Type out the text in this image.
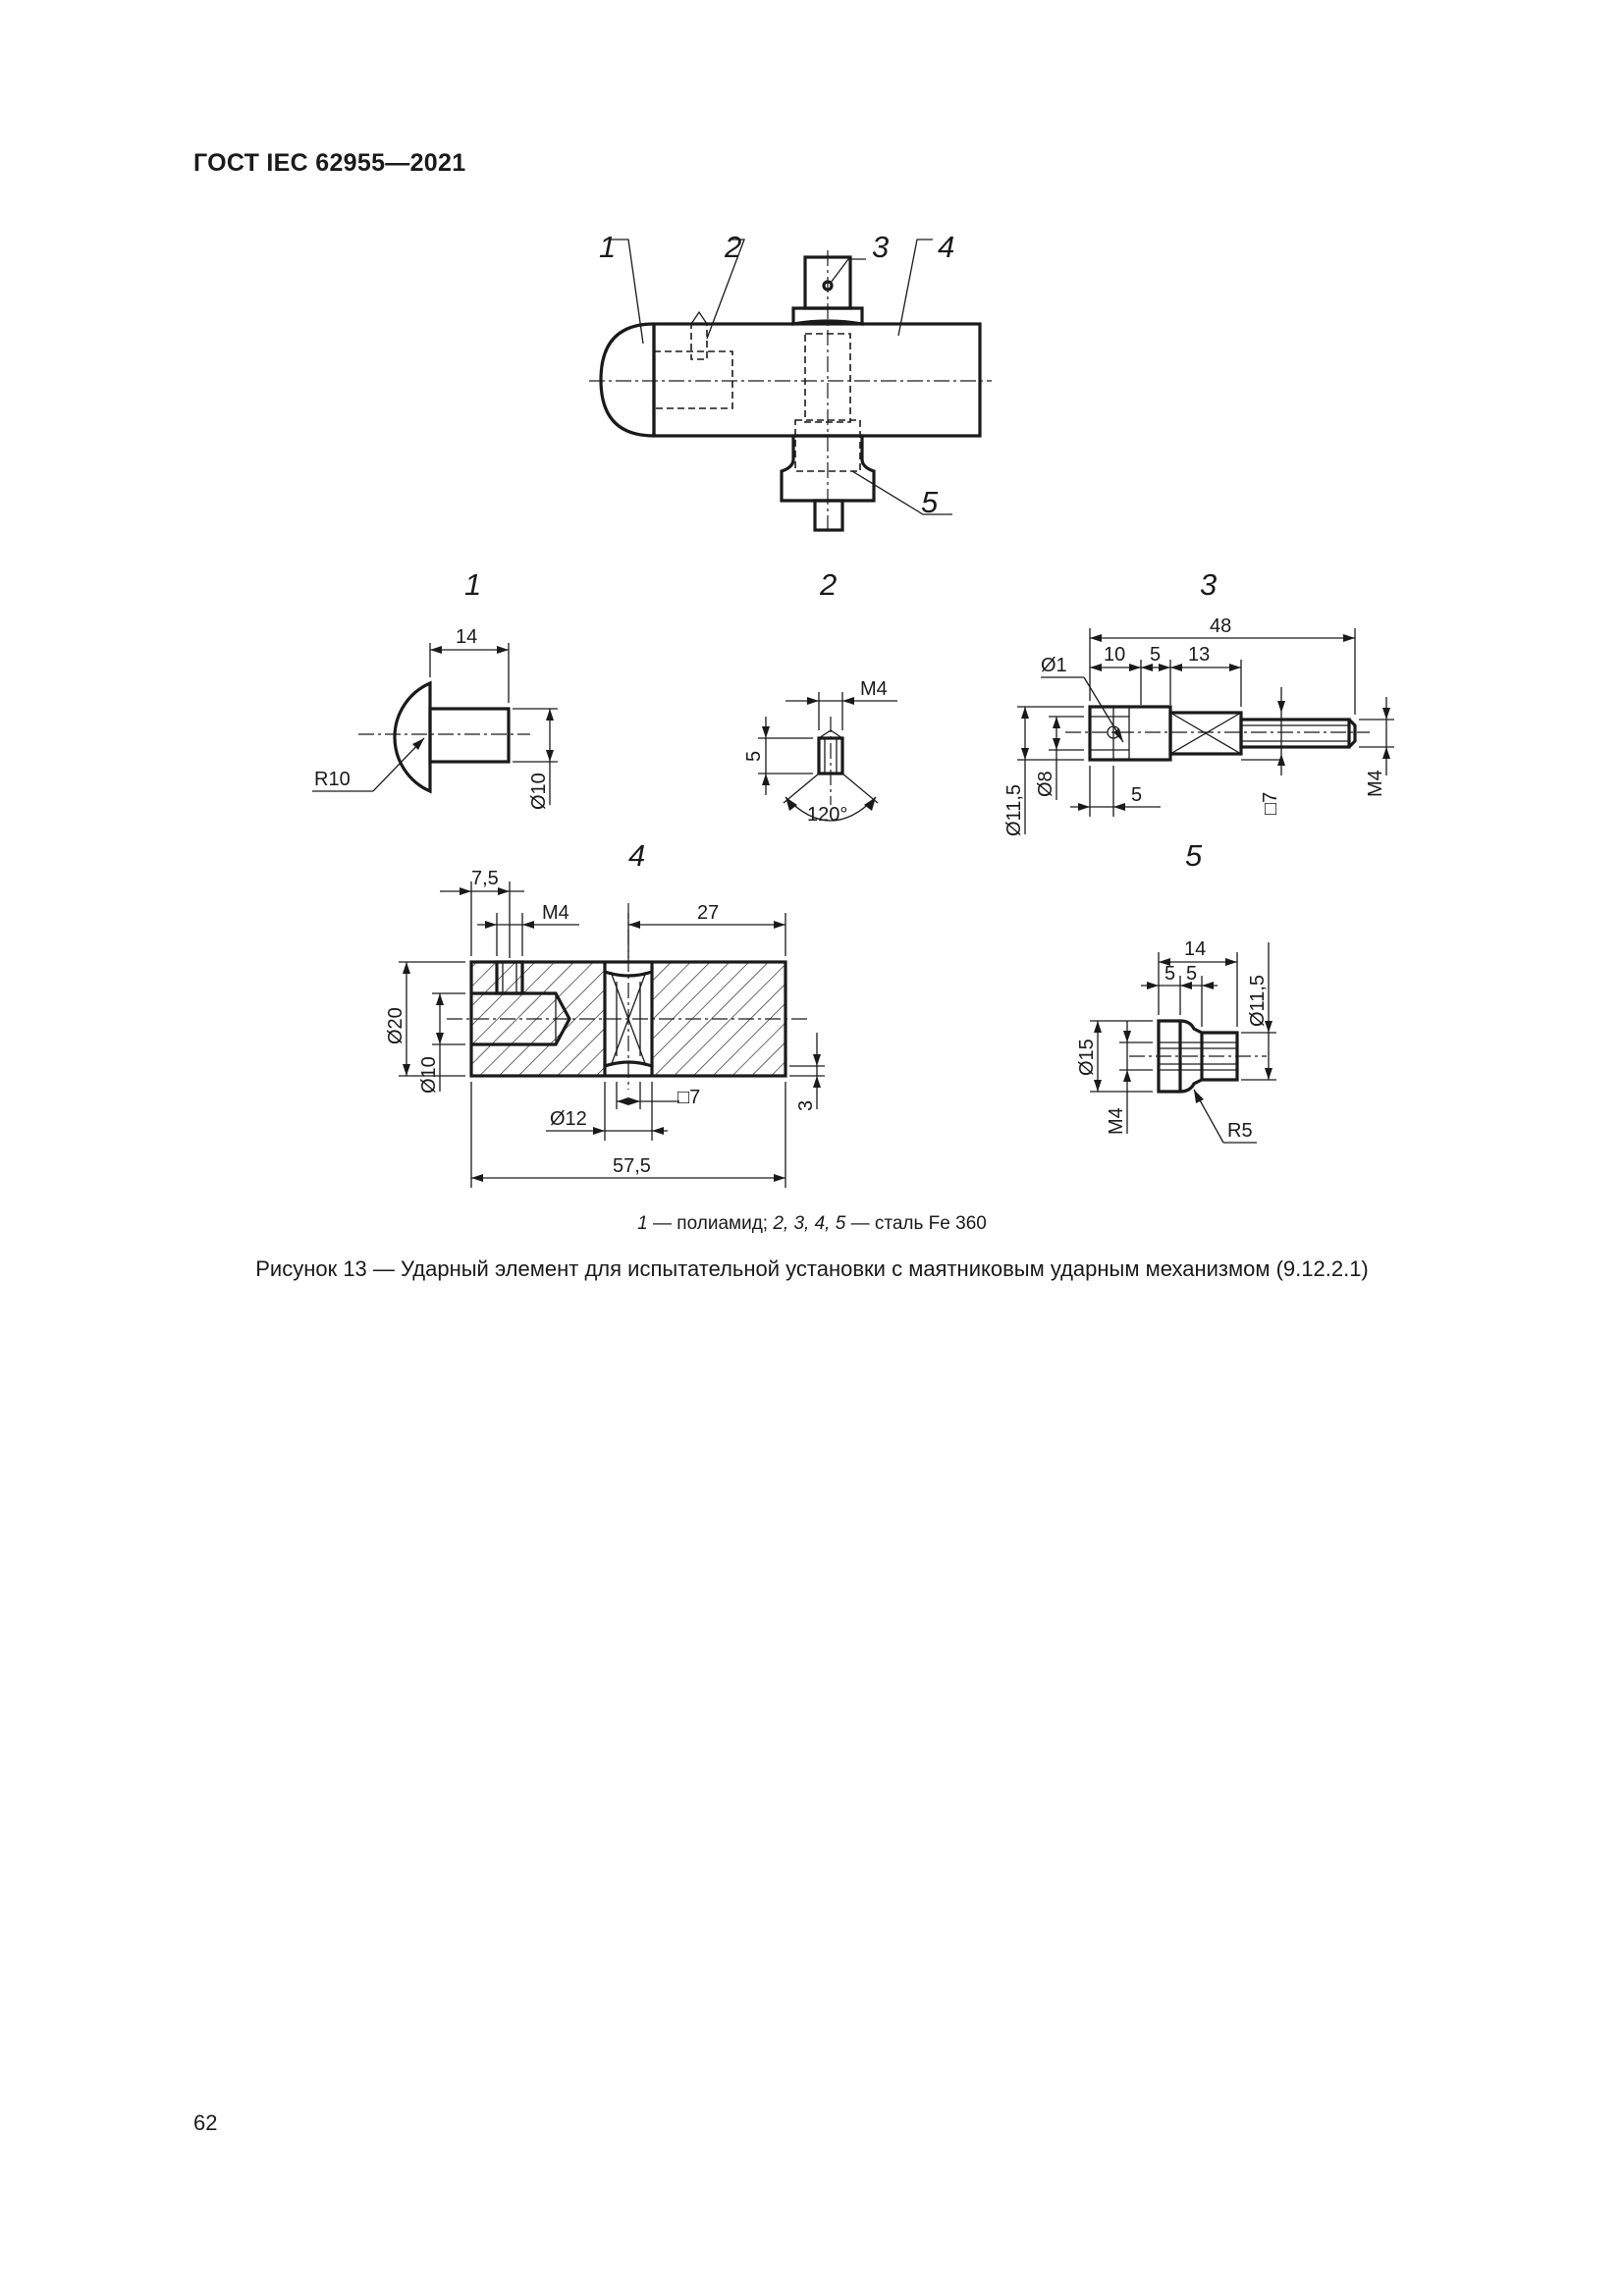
ГОСТ IEC 62955—2021
1	2	3 4
5
1	2	3
4	5
14
Ø10
R10
M4
5
120°
48
10 5 13
Ø1
Ø11,5
Ø8	5	□7
M4
7,5
M4	27
Ø20
Ø10
Ø12
□7	3
57,5
14
5 5
Ø11,5
Ø15
M4	R5
1 — полиамид; 2, 3, 4, 5 — сталь Fe 360
Рисунок 13 — Ударный элемент для испытательной установки с маятниковым ударным механизмом (9.12.2.1)
62
